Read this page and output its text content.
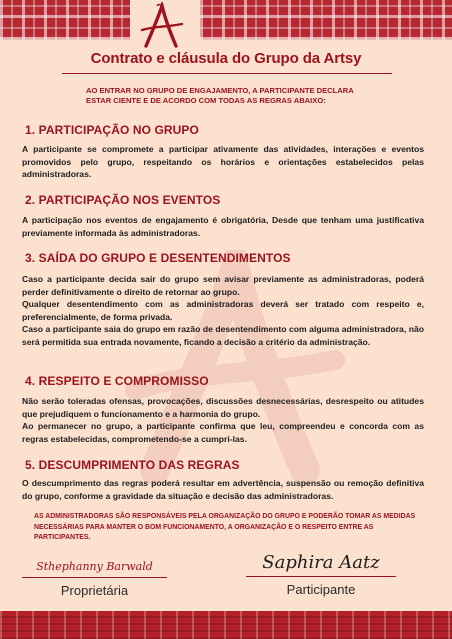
Contrato e cláusula do Grupo da Artsy
AO ENTRAR NO GRUPO DE ENGAJAMENTO, A PARTICIPANTE DECLARA
ESTAR CIENTE E DE ACORDO COM TODAS AS REGRAS ABAIXO:
1. PARTICIPAÇÃO NO GRUPO
A participante se compromete a participar ativamente das atividades, interações e eventos promovidos pelo grupo, respeitando os horários e orientações estabelecidos pelas administradoras.
2. PARTICIPAÇÃO NOS EVENTOS
A participação nos eventos de engajamento é obrigatória, Desde que tenham uma justificativa previamente informada às administradoras.
3. SAÍDA DO GRUPO E DESENTENDIMENTOS
Caso a participante decida sair do grupo sem avisar previamente as administradoras, poderá perder definitivamente o direito de retornar ao grupo.
Qualquer desentendimento com as administradoras deverá ser tratado com respeito e, preferencialmente, de forma privada.
Caso a participante saia do grupo em razão de desentendimento com alguma administradora, não será permitida sua entrada novamente, ficando a decisão a critério da administração.
4. RESPEITO E COMPROMISSO
Não serão toleradas ofensas, provocações, discussões desnecessárias, desrespeito ou atitudes que prejudiquem o funcionamento e a harmonia do grupo.
Ao permanecer no grupo, a participante confirma que leu, compreendeu e concorda com as regras estabelecidas, comprometendo-se a cumpri-las.
5. DESCUMPRIMENTO DAS REGRAS
O descumprimento das regras poderá resultar em advertência, suspensão ou remoção definitiva do grupo, conforme a gravidade da situação e decisão das administradoras.
AS ADMINISTRADORAS SÃO RESPONSÁVEIS PELA ORGANIZAÇÃO DO GRUPO E PODERÃO TOMAR AS MEDIDAS NECESSÁRIAS PARA MANTER O BOM FUNCIONAMENTO, A ORGANIZAÇÃO E O RESPEITO ENTRE AS PARTICIPANTES.
Sthephanny Barwald
Proprietária
Saphira Aatz
Participante
